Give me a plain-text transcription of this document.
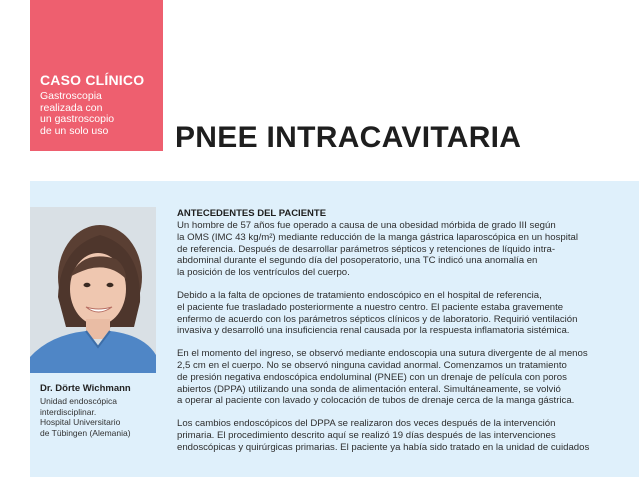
CASO CLÍNICO
Gastroscopia
realizada con
un gastroscopio
de un solo uso	PNEE INTRACAVITARIA
Dr. Dörte Wichmann
Unidad endoscópica
interdisciplinar.
Hospital Universitario
de Tübingen (Alemania)
ANTECEDENTES DEL PACIENTE
Un hombre de 57 años fue operado a causa de una obesidad mórbida de grado III según
la OMS (IMC 43 kg/m²) mediante reducción de la manga gástrica laparoscópica en un hospital
de referencia. Después de desarrollar parámetros sépticos y retenciones de líquido intra-
abdominal durante el segundo día del posoperatorio, una TC indicó una anomalía en
la posición de los ventrículos del cuerpo.
Debido a la falta de opciones de tratamiento endoscópico en el hospital de referencia,
el paciente fue trasladado posteriormente a nuestro centro. El paciente estaba gravemente
enfermo de acuerdo con los parámetros sépticos clínicos y de laboratorio. Requirió ventilación
invasiva y desarrolló una insuficiencia renal causada por la respuesta inflamatoria sistémica.
En el momento del ingreso, se observó mediante endoscopia una sutura divergente de al menos
2,5 cm en el cuerpo. No se observó ninguna cavidad anormal. Comenzamos un tratamiento
de presión negativa endoscópica endoluminal (PNEE) con un drenaje de película con poros
abiertos (DPPA) utilizando una sonda de alimentación enteral. Simultáneamente, se volvió
a operar al paciente con lavado y colocación de tubos de drenaje cerca de la manga gástrica.
Los cambios endoscópicos del DPPA se realizaron dos veces después de la intervención
primaria. El procedimiento descrito aquí se realizó 19 días después de las intervenciones
endoscópicas y quirúrgicas primarias. El paciente ya había sido tratado en la unidad de cuidados
